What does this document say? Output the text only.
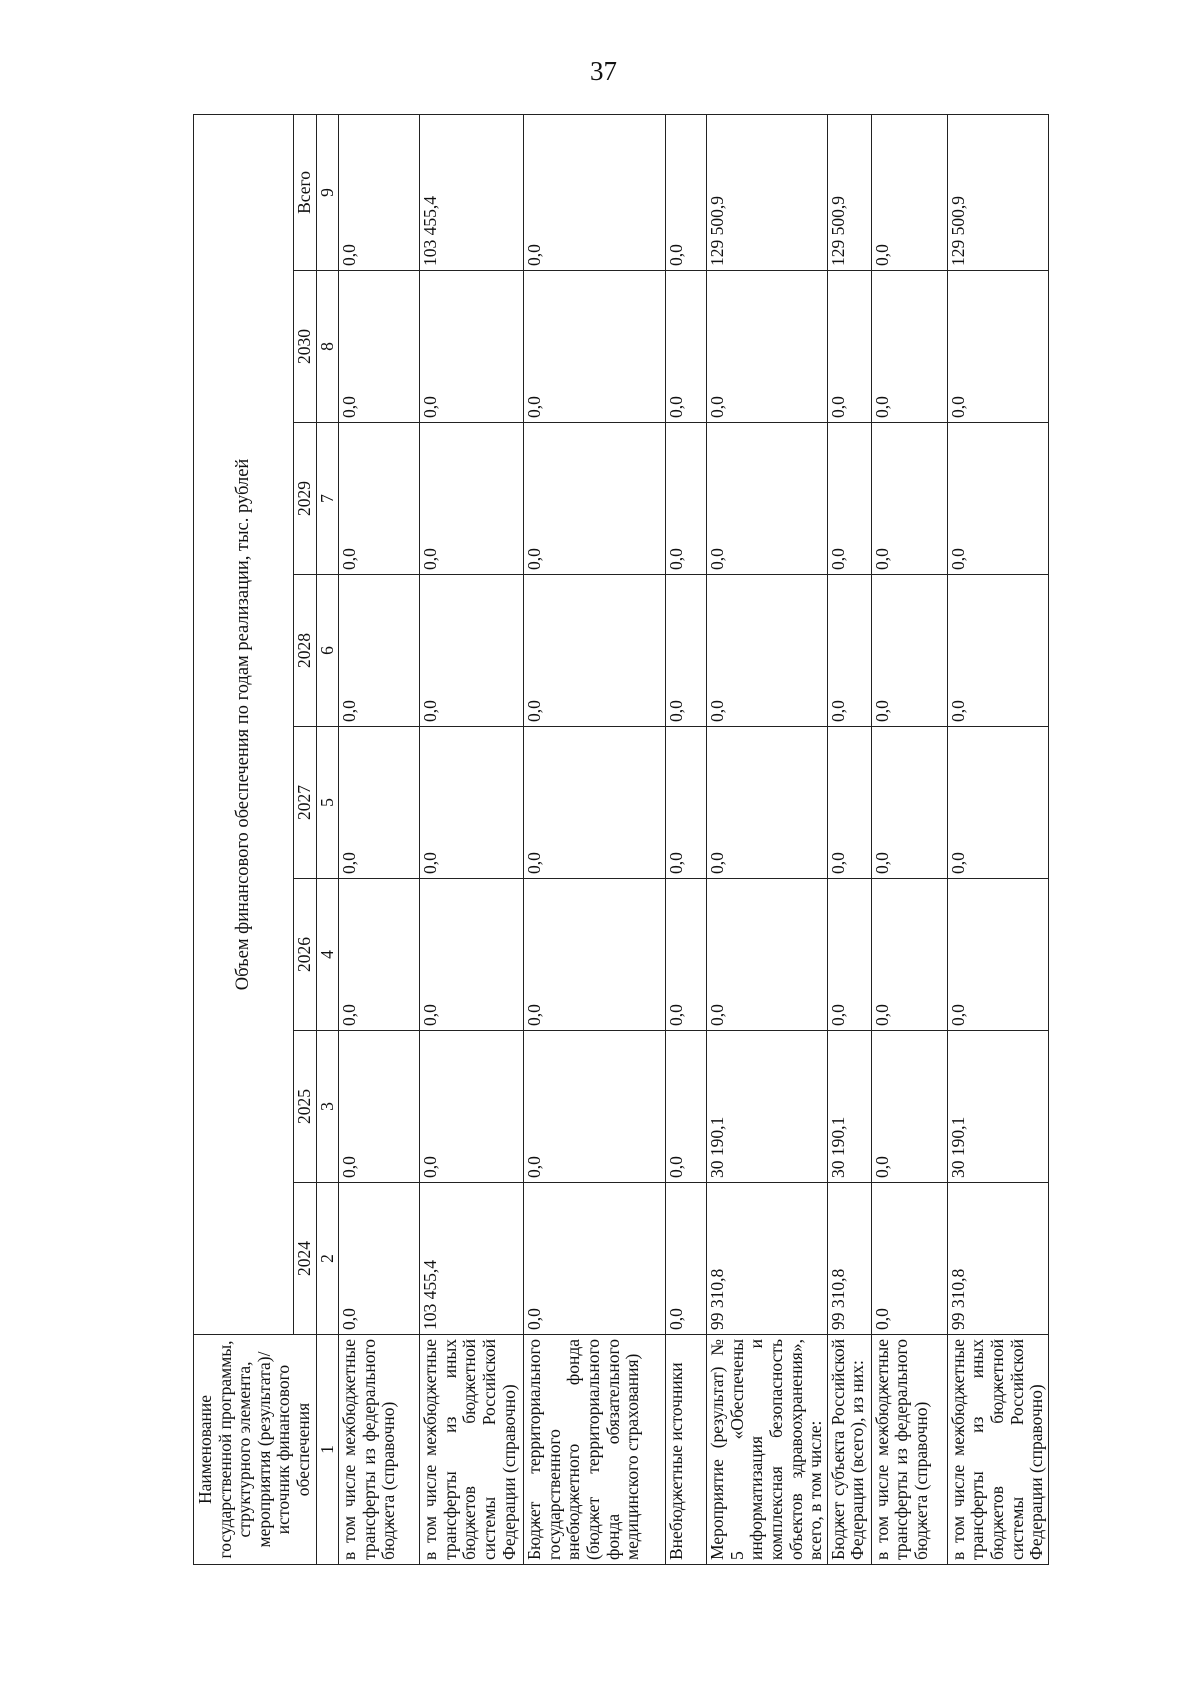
37
Наименование государственной программы, структурного элемента, мероприятия (результата)/источник финансового обеспечения	Объем финансового обеспечения по годам реализации, тыс. рублей							
	2024	2025	2026	2027	2028	2029	2030	Всего
1	2	3	4	5	6	7	8	9
в том числе межбюджетные трансферты из федерального бюджета (справочно)	0,0	0,0	0,0	0,0	0,0	0,0	0,0	0,0
в том числе межбюджетные трансферты из иных бюджетов бюджетной системы Российской Федерации (справочно)	103 455,4	0,0	0,0	0,0	0,0	0,0	0,0	103 455,4
Бюджет территориального государственного внебюджетного фонда (бюджет территориального фонда обязательного медицинского страхования)	0,0	0,0	0,0	0,0	0,0	0,0	0,0	0,0
Внебюджетные источники	0,0	0,0	0,0	0,0	0,0	0,0	0,0	0,0
Мероприятие (результат) № 5 «Обеспечены информатизация и комплексная безопасность объектов здравоохранения», всего, в том числе:	99 310,8	30 190,1	0,0	0,0	0,0	0,0	0,0	129 500,9
Бюджет субъекта Российской Федерации (всего), из них:	99 310,8	30 190,1	0,0	0,0	0,0	0,0	0,0	129 500,9
в том числе межбюджетные трансферты из федерального бюджета (справочно)	0,0	0,0	0,0	0,0	0,0	0,0	0,0	0,0
в том числе межбюджетные трансферты из иных бюджетов бюджетной системы Российской Федерации (справочно)	99 310,8	30 190,1	0,0	0,0	0,0	0,0	0,0	129 500,9
